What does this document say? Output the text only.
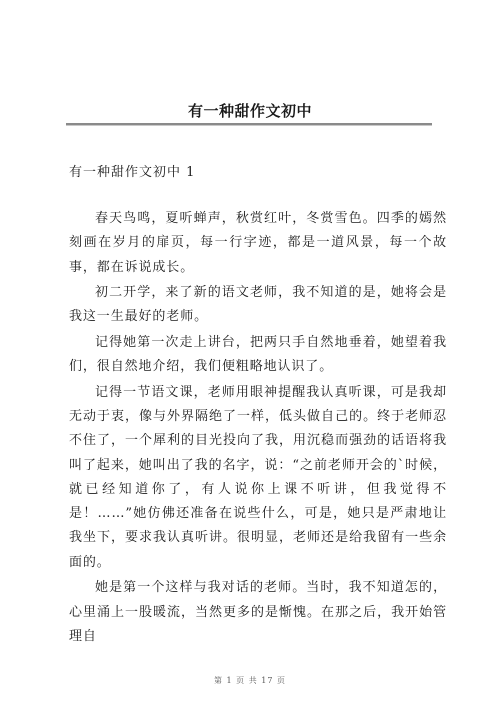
有一种甜作文初中
有一种甜作文初中 1

春天鸟鸣，夏听蝉声，秋赏红叶，冬赏雪色。四季的嫣然刻画在岁月的扉页，每一行字迹，都是一道风景，每一个故事，都在诉说成长。

初二开学，来了新的语文老师，我不知道的是，她将会是我这一生最好的老师。

记得她第一次走上讲台，把两只手自然地垂着，她望着我们，很自然地介绍，我们便粗略地认识了。

记得一节语文课，老师用眼神提醒我认真听课，可是我却无动于衷，像与外界隔绝了一样，低头做自己的。终于老师忍不住了，一个犀利的目光投向了我，用沉稳而强劲的话语将我叫了起来，她叫出了我的名字，说：“之前老师开会的`时候，就已经知道你了，有人说你上课不听讲，但我觉得不是！……”她仿佛还准备在说些什么，可是，她只是严肃地让我坐下，要求我认真听讲。很明显，老师还是给我留有一些余面的。

她是第一个这样与我对话的老师。当时，我不知道怎的，心里涌上一股暖流，当然更多的是惭愧。在那之后，我开始管理自

第 1 页 共 17 页
